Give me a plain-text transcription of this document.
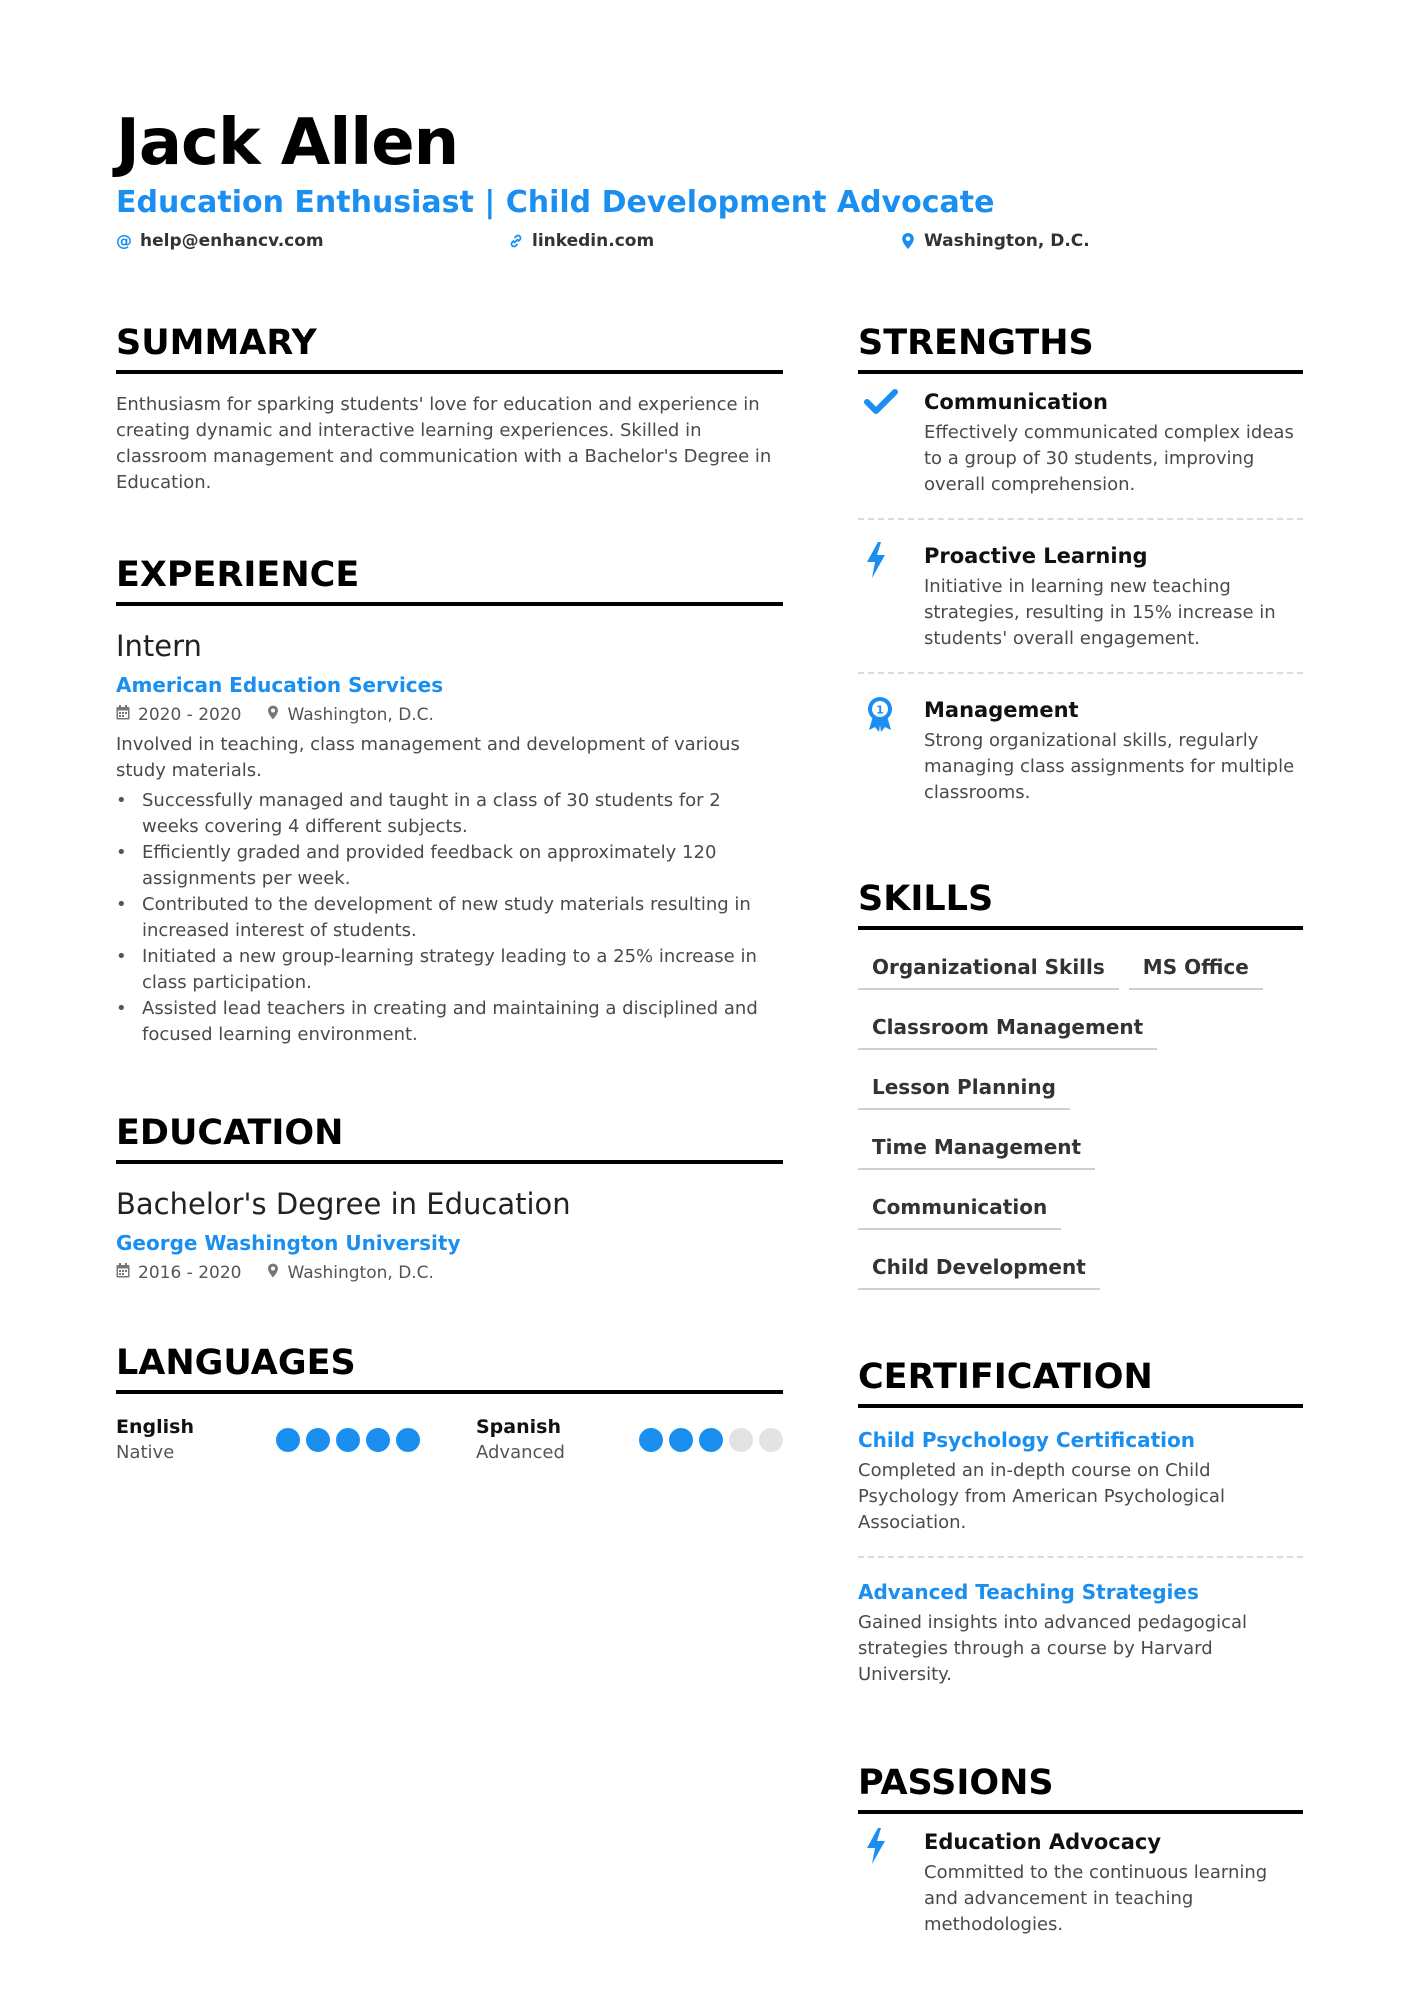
Jack Allen
Education Enthusiast | Child Development Advocate
@ help@enhancv.com	linkedin.com	Washington, D.C.
SUMMARY

Enthusiasm for sparking students' love for education and experience in creating dynamic and interactive learning experiences. Skilled in classroom management and communication with a Bachelor's Degree in Education.

EXPERIENCE
Intern
American Education Services
2020 - 2020	Washington, D.C.

Involved in teaching, class management and development of various study materials.

• Successfully managed and taught in a class of 30 students for 2 weeks covering 4 different subjects.
• Efficiently graded and provided feedback on approximately 120 assignments per week.
• Contributed to the development of new study materials resulting in increased interest of students.
• Initiated a new group-learning strategy leading to a 25% increase in class participation.
• Assisted lead teachers in creating and maintaining a disciplined and focused learning environment.
EDUCATION
Bachelor's Degree in Education
George Washington University
2016 - 2020	Washington, D.C.
LANGUAGES
English
Native
Spanish
Advanced
STRENGTHS
Communication

Effectively communicated complex ideas to a group of 30 students, improving overall comprehension.

Proactive Learning

Initiative in learning new teaching strategies, resulting in 15% increase in students' overall engagement.

1 Management

Strong organizational skills, regularly managing class assignments for multiple classrooms.

SKILLS
Organizational Skills	MS Office
Classroom Management
Lesson Planning
Time Management
Communication
Child Development
CERTIFICATION
Child Psychology Certification

Completed an in-depth course on Child Psychology from American Psychological Association.

Advanced Teaching Strategies

Gained insights into advanced pedagogical strategies through a course by Harvard University.

PASSIONS
Education Advocacy

Committed to the continuous learning and advancement in teaching methodologies.
